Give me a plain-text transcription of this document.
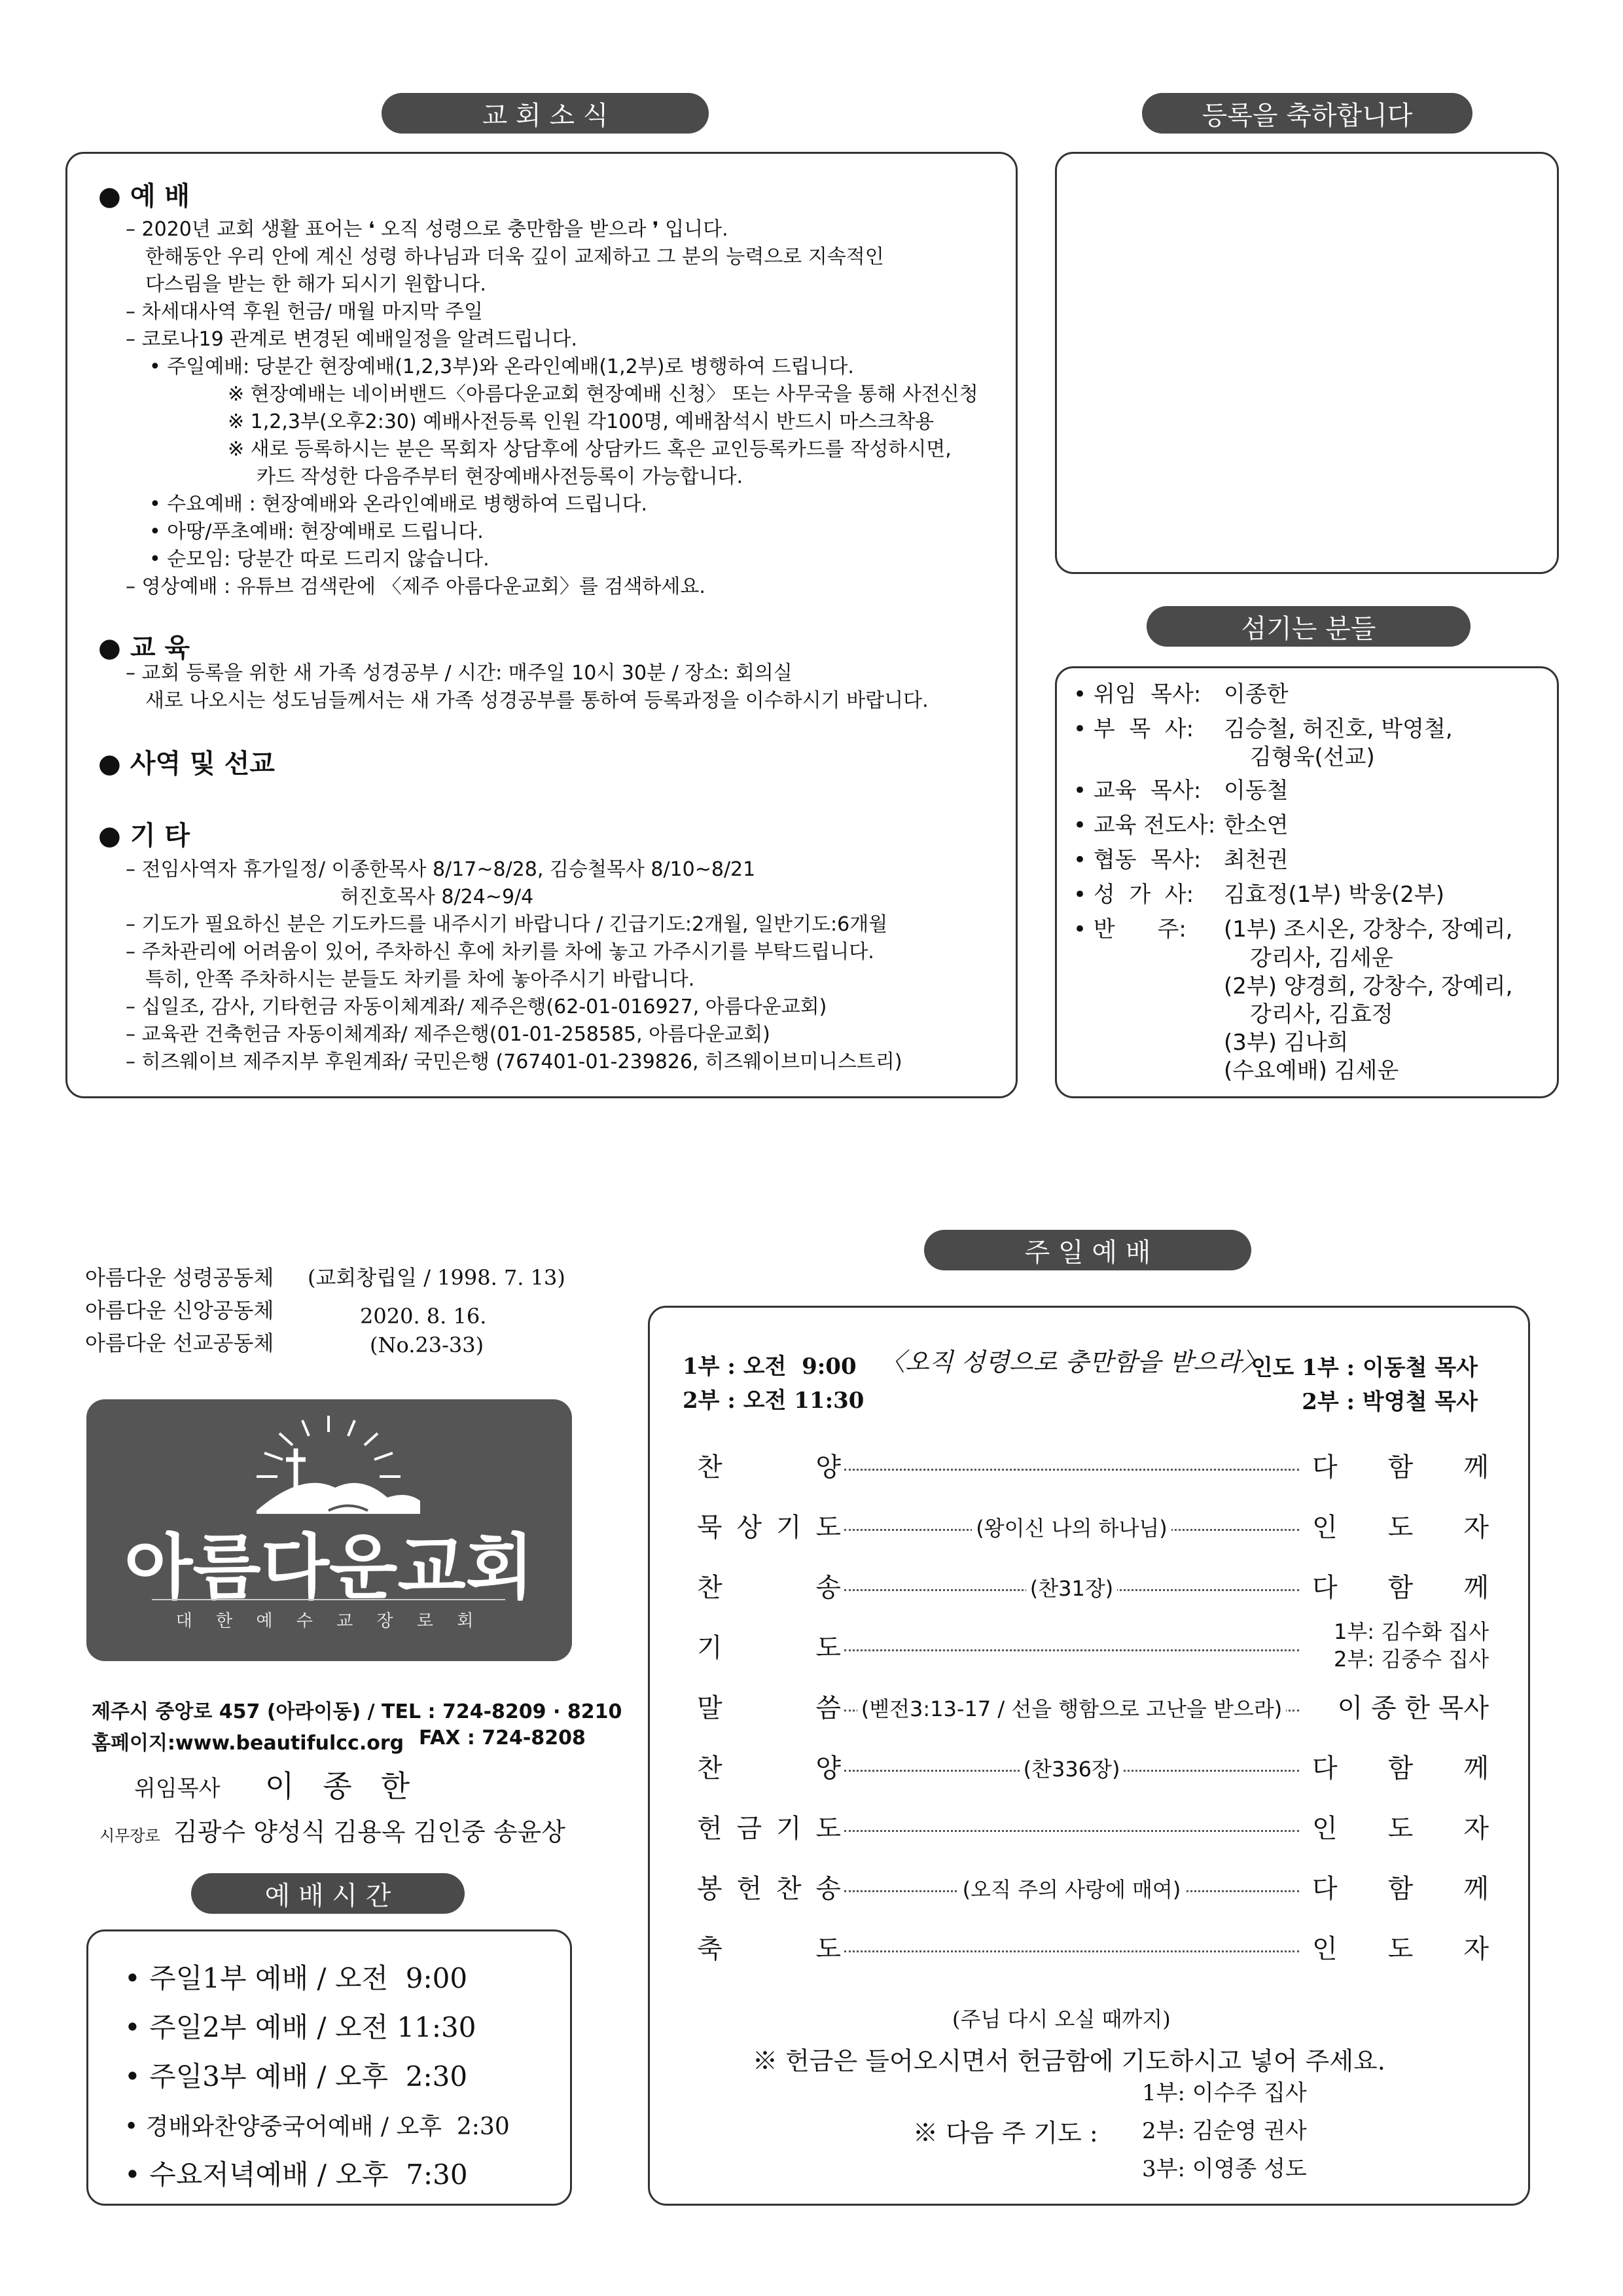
교 회 소 식	등록을 축하합니다
● 예 배
– 2020년 교회 생활 표어는 ❛ 오직 성령으로 충만함을 받으라 ❜ 입니다.
한해동안 우리 안에 계신 성령 하나님과 더욱 깊이 교제하고 그 분의 능력으로 지속적인
다스림을 받는 한 해가 되시기 원합니다.
– 차세대사역 후원 헌금/ 매월 마지막 주일
– 코로나19 관계로 변경된 예배일정을 알려드립니다.
• 주일예배: 당분간 현장예배(1,2,3부)와 온라인예배(1,2부)로 병행하여 드립니다.
※ 현장예배는 네이버밴드〈아름다운교회 현장예배 신청〉 또는 사무국을 통해 사전신청
※ 1,2,3부(오후2:30) 예배사전등록 인원 각100명, 예배참석시 반드시 마스크착용
※ 새로 등록하시는 분은 목회자 상담후에 상담카드 혹은 교인등록카드를 작성하시면,
카드 작성한 다음주부터 현장예배사전등록이 가능합니다.
• 수요예배 : 현장예배와 온라인예배로 병행하여 드립니다.
• 아땅/푸초예배: 현장예배로 드립니다.
• 순모임: 당분간 따로 드리지 않습니다.
– 영상예배 : 유튜브 검색란에 〈제주 아름다운교회〉를 검색하세요.
● 교 육
– 교회 등록을 위한 새 가족 성경공부 / 시간: 매주일 10시 30분 / 장소: 회의실
새로 나오시는 성도님들께서는 새 가족 성경공부를 통하여 등록과정을 이수하시기 바랍니다.
● 사역 및 선교
● 기 타
– 전임사역자 휴가일정/ 이종한목사 8/17~8/28, 김승철목사 8/10~8/21
허진호목사 8/24~9/4
– 기도가 필요하신 분은 기도카드를 내주시기 바랍니다 / 긴급기도:2개월, 일반기도:6개월
– 주차관리에 어려움이 있어, 주차하신 후에 차키를 차에 놓고 가주시기를 부탁드립니다.
특히, 안쪽 주차하시는 분들도 차키를 차에 놓아주시기 바랍니다.
– 십일조, 감사, 기타헌금 자동이체계좌/ 제주은행(62-01-016927, 아름다운교회)
– 교육관 건축헌금 자동이체계좌/ 제주은행(01-01-258585, 아름다운교회)
– 히즈웨이브 제주지부 후원계좌/ 국민은행 (767401-01-239826, 히즈웨이브미니스트리)
섬기는 분들
• 위임  목사: 이종한
• 부  목  사: 김승철, 허진호, 박영철,
김형욱(선교)
• 교육  목사: 이동철
• 교육 전도사: 한소연
• 협동  목사: 최천권
• 성  가  사: 김효정(1부) 박웅(2부)
• 반      주: (1부) 조시온, 강창수, 장예리,
강리사, 김세운
(2부) 양경희, 강창수, 장예리,
강리사, 김효정
(3부) 김나희
(수요예배) 김세운
아름다운 성령공동체
아름다운 신앙공동체
아름다운 선교공동체
(교회창립일 / 1998. 7. 13)
2020. 8. 16.
(No.23-33)
아름다운교회
대 한 예 수 교 장 로 회
제주시 중앙로 457 (아라이동) / TEL : 724-8209 · 8210
홈페이지:www.beautifulcc.org FAX : 724-8208
위임목사 이   종   한
시무장로 김광수 양성식 김용옥 김인중 송윤상
예 배 시 간
• 주일1부 예배 / 오전  9:00
• 주일2부 예배 / 오전 11:30
• 주일3부 예배 / 오후  2:30
• 경배와찬양중국어예배 / 오후  2:30
• 수요저녁예배 / 오후  7:30
주 일 예 배
1부 : 오전  9:00
2부 : 오전 11:30
〈오직 성령으로 충만함을 받으라〉
인도 1부 : 이동철 목사
2부 : 박영철 목사
찬	양	다 함 께
묵 상 기 도	(왕이신 나의 하나님)	인 도 자
찬	송	(찬31장)	다 함 께
기	도
1부: 김수화 집사
2부: 김중수 집사
말	씀 (벧전3:13-17 / 선을 행함으로 고난을 받으라)	이 종 한 목사
찬	양	(찬336장)	다 함 께
헌 금 기 도	인 도 자
봉 헌 찬 송	(오직 주의 사랑에 매여)	다 함 께
축	도	인 도 자
(주님 다시 오실 때까지)
※ 헌금은 들어오시면서 헌금함에 기도하시고 넣어 주세요.
※ 다음 주 기도 :
1부: 이수주 집사
2부: 김순영 권사
3부: 이영종 성도
